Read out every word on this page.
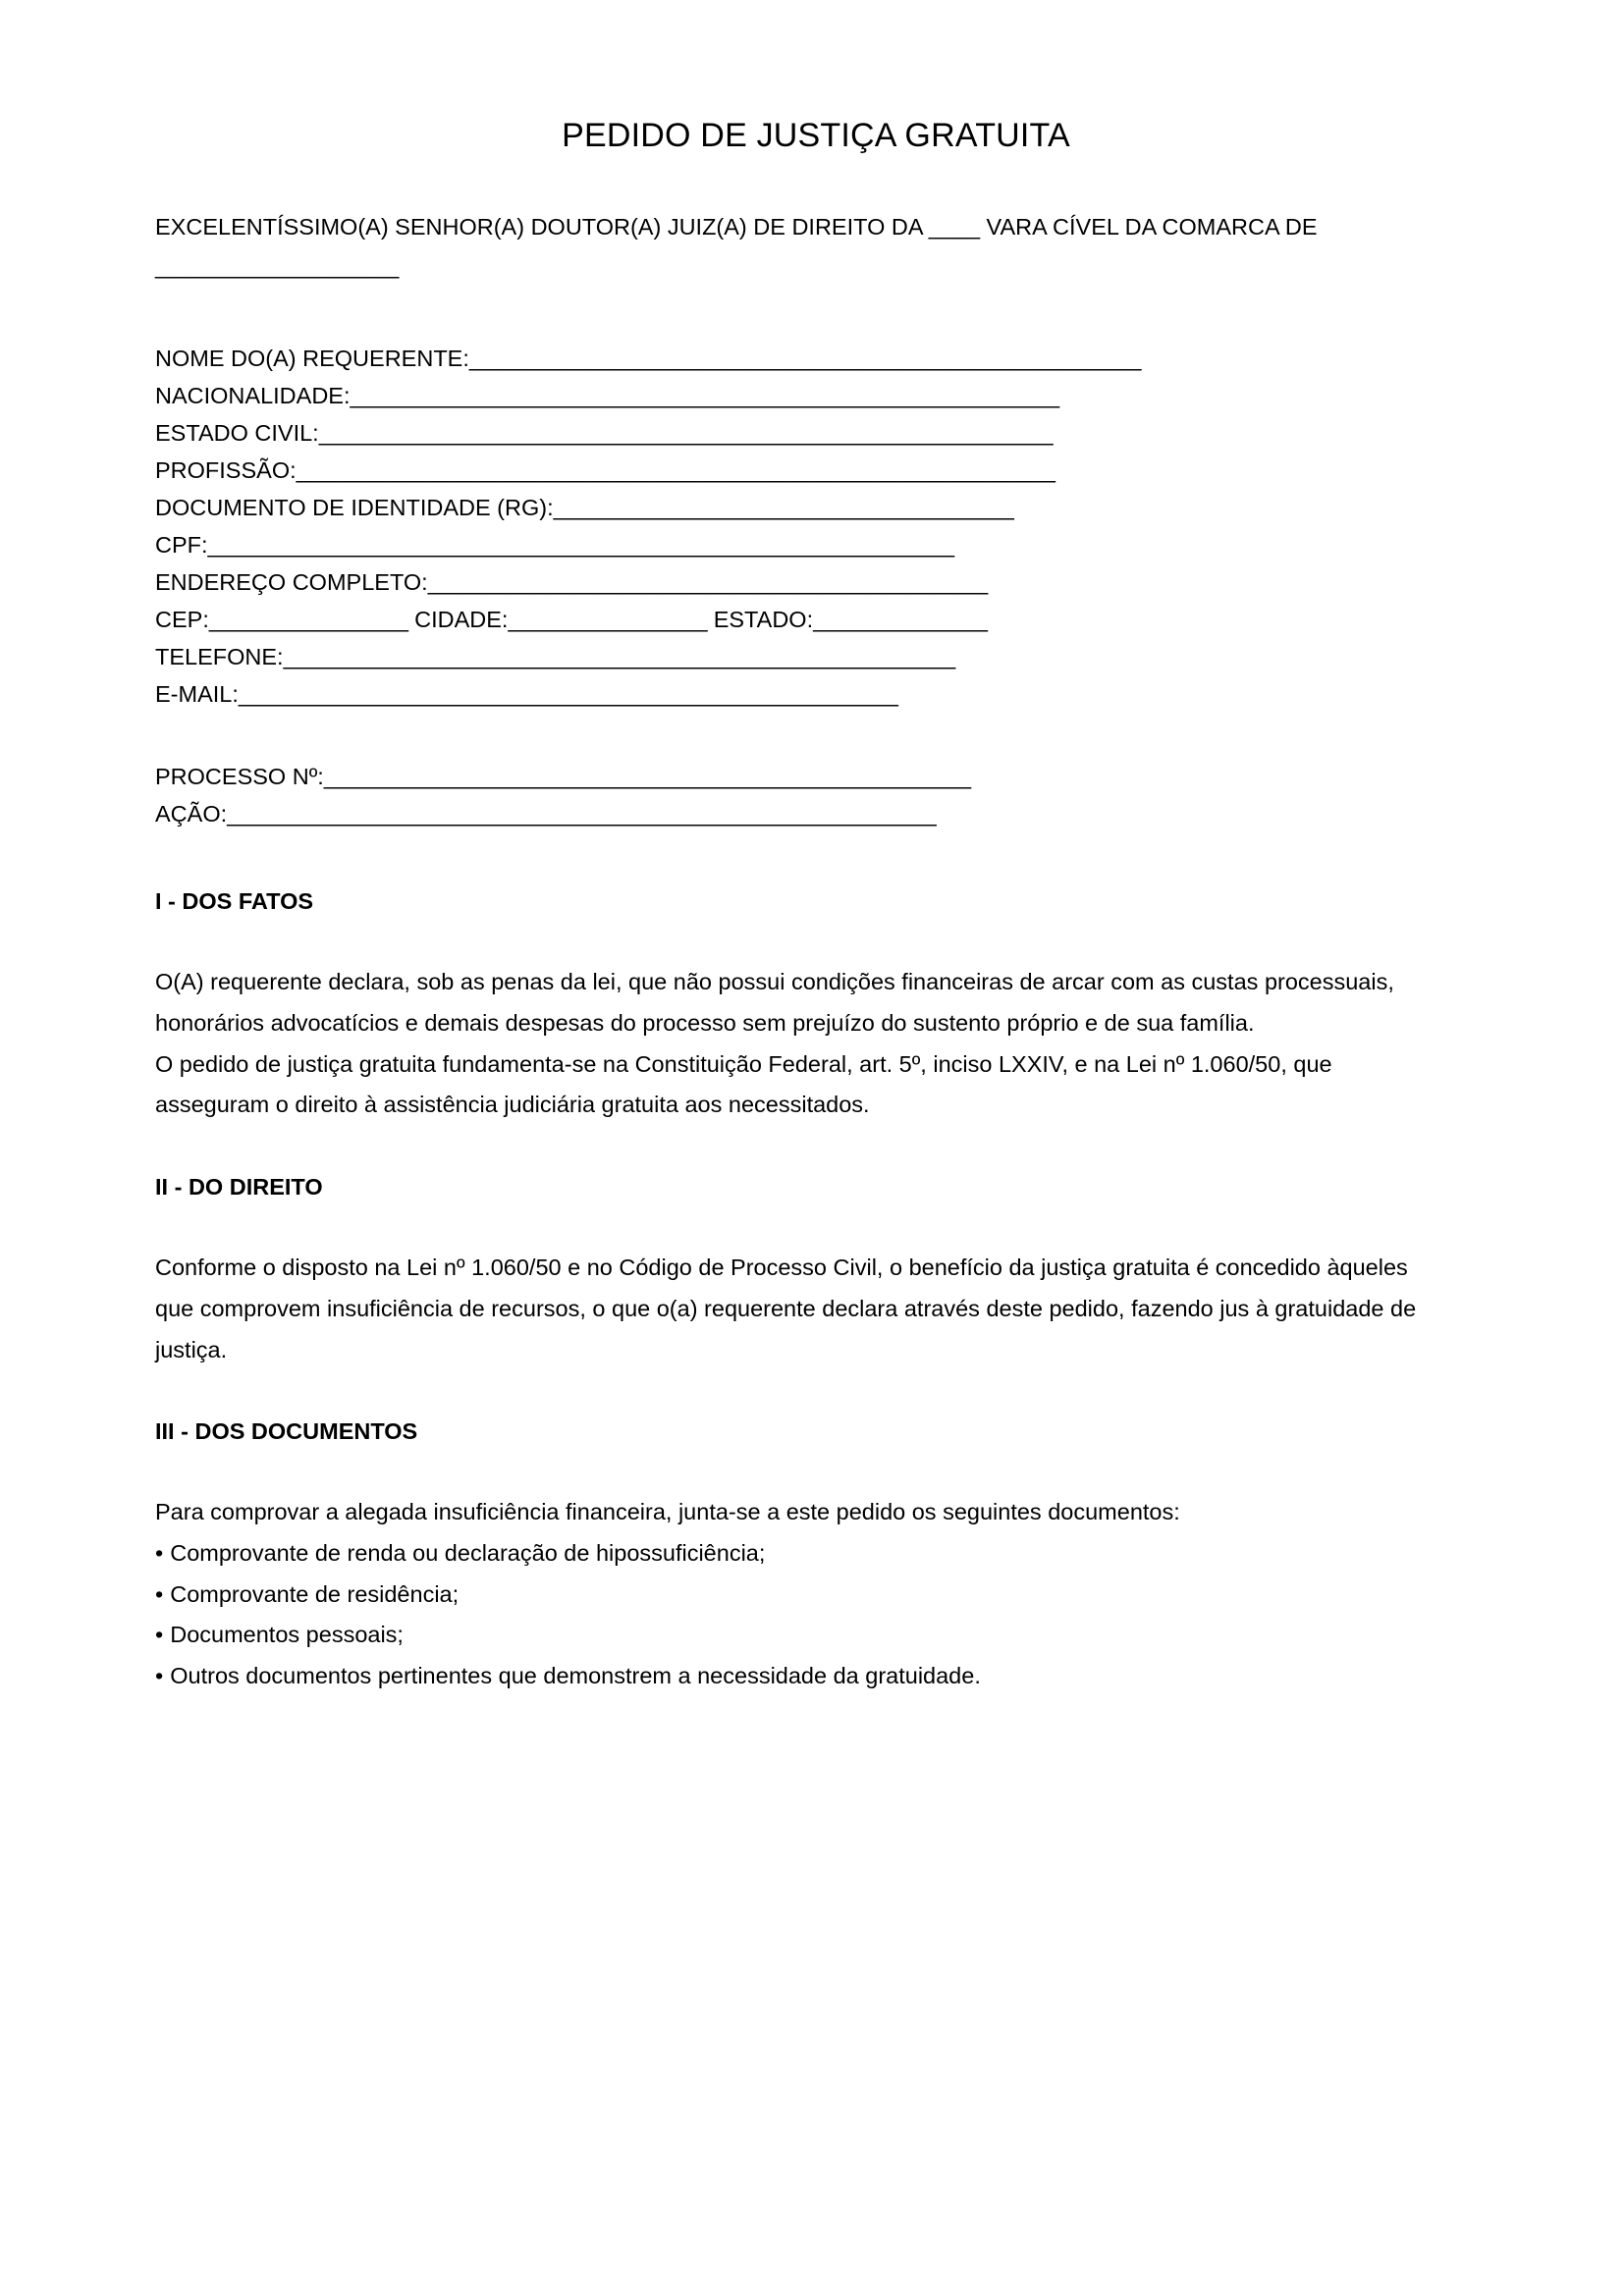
PEDIDO DE JUSTIÇA GRATUITA

EXCELENTÍSSIMO(A) SENHOR(A) DOUTOR(A) JUIZ(A) DE DIREITO DA ____ VARA CÍVEL DA COMARCA DE ___________________

NOME DO(A) REQUERENTE:______________________________________________________
NACIONALIDADE:_________________________________________________________
ESTADO CIVIL:___________________________________________________________
PROFISSÃO:_____________________________________________________________
DOCUMENTO DE IDENTIDADE (RG):_____________________________________
CPF:____________________________________________________________
ENDEREÇO COMPLETO:_____________________________________________
CEP:________________ CIDADE:________________ ESTADO:______________
TELEFONE:______________________________________________________
E-MAIL:_____________________________________________________
PROCESSO Nº:____________________________________________________
AÇÃO:_________________________________________________________
I - DOS FATOS

O(A) requerente declara, sob as penas da lei, que não possui condições financeiras de arcar com as custas processuais, honorários advocatícios e demais despesas do processo sem prejuízo do sustento próprio e de sua família.

O pedido de justiça gratuita fundamenta-se na Constituição Federal, art. 5º, inciso LXXIV, e na Lei nº 1.060/50, que asseguram o direito à assistência judiciária gratuita aos necessitados.

II - DO DIREITO

Conforme o disposto na Lei nº 1.060/50 e no Código de Processo Civil, o benefício da justiça gratuita é concedido àqueles que comprovem insuficiência de recursos, o que o(a) requerente declara através deste pedido, fazendo jus à gratuidade de justiça.

III - DOS DOCUMENTOS

Para comprovar a alegada insuficiência financeira, junta-se a este pedido os seguintes documentos:

• Comprovante de renda ou declaração de hipossuficiência;
• Comprovante de residência;
• Documentos pessoais;
• Outros documentos pertinentes que demonstrem a necessidade da gratuidade.
